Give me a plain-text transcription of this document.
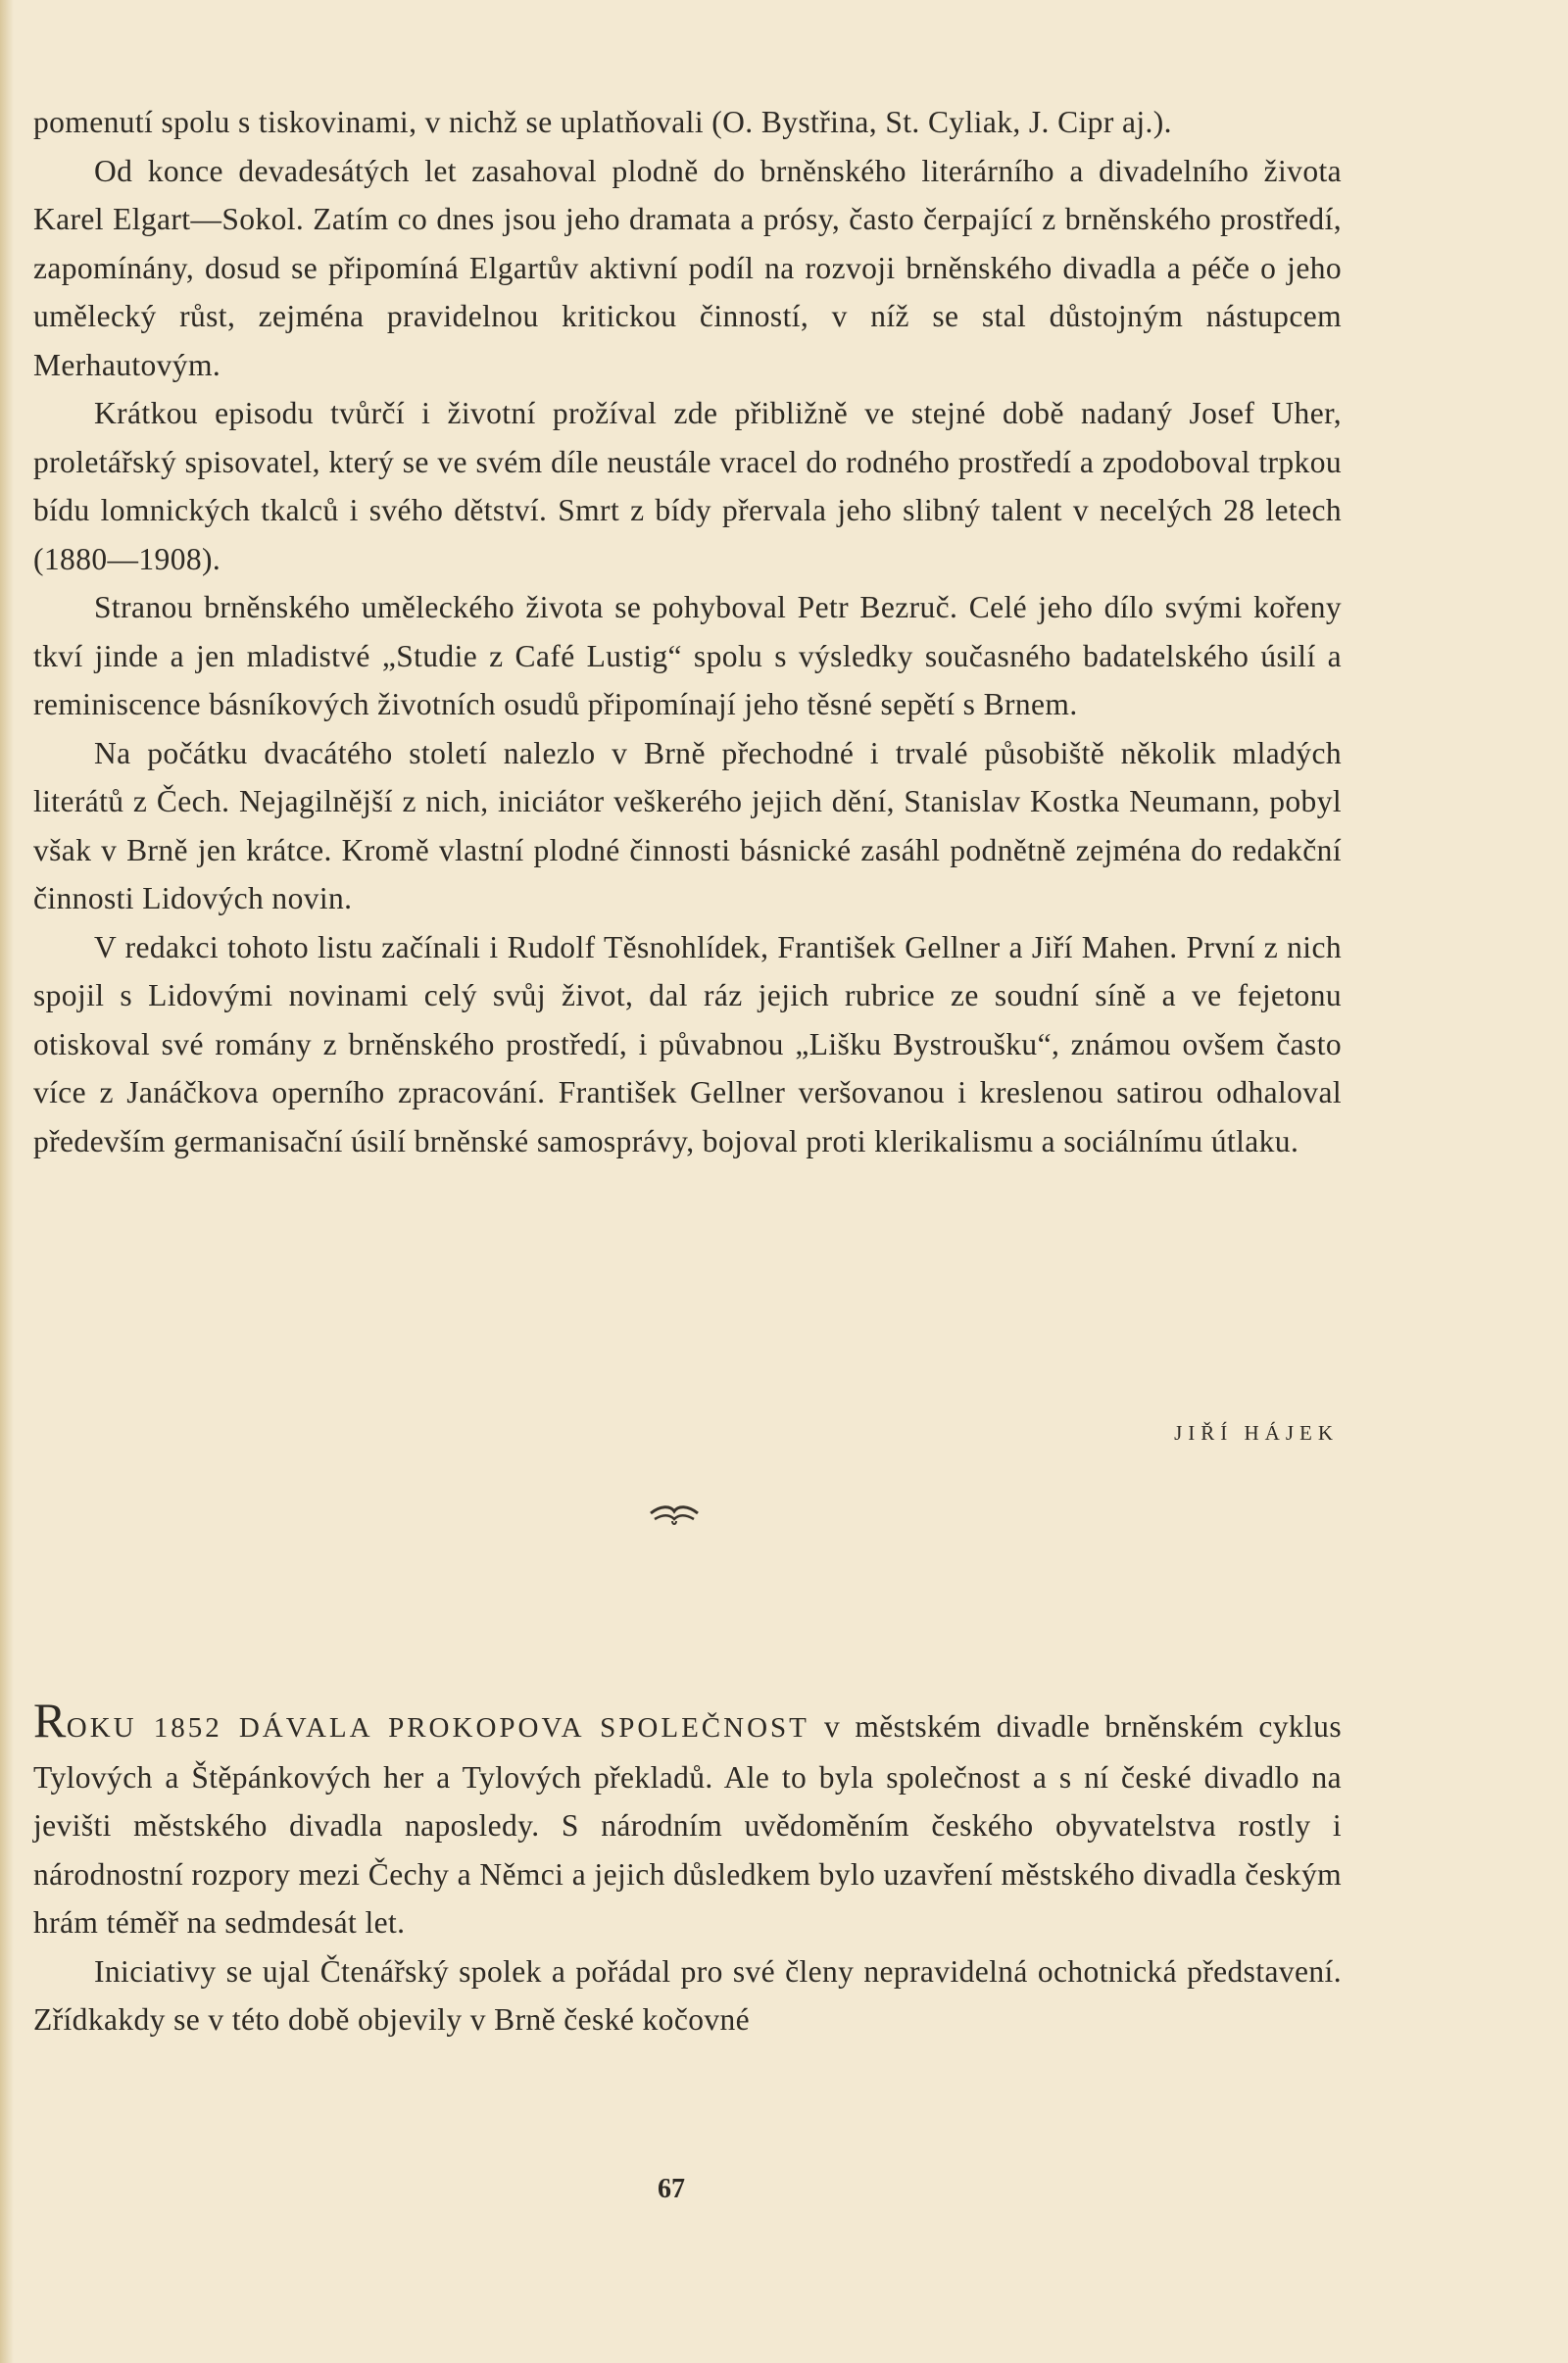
pomenutí spolu s tiskovinami, v nichž se uplatňovali (O. Bystřina, St. Cyliak, J. Cipr aj.).

Od konce devadesátých let zasahoval plodně do brněnského literárního a divadelního života Karel Elgart—Sokol. Zatím co dnes jsou jeho dramata a prósy, často čerpající z brněnského prostředí, zapomínány, dosud se připomíná Elgartův aktivní podíl na rozvoji brněnského divadla a péče o jeho umělecký růst, zejména pravidelnou kritickou činností, v níž se stal důstojným nástupcem Merhautovým.

Krátkou episodu tvůrčí i životní prožíval zde přibližně ve stejné době nadaný Josef Uher, proletářský spisovatel, který se ve svém díle neustále vracel do rodného prostředí a zpodoboval trpkou bídu lomnických tkalců i svého dětství. Smrt z bídy přervala jeho slibný talent v necelých 28 letech (1880—1908).

Stranou brněnského uměleckého života se pohyboval Petr Bezruč. Celé jeho dílo svými kořeny tkví jinde a jen mladistvé „Studie z Café Lustig“ spolu s výsledky současného badatelského úsilí a reminiscence básníkových životních osudů připomínají jeho těsné sepětí s Brnem.

Na počátku dvacátého století nalezlo v Brně přechodné i trvalé působiště několik mladých literátů z Čech. Nejagilnější z nich, iniciátor veškerého jejich dění, Stanislav Kostka Neumann, pobyl však v Brně jen krátce. Kromě vlastní plodné činnosti básnické zasáhl podnětně zejména do redakční činnosti Lidových novin.

V redakci tohoto listu začínali i Rudolf Těsnohlídek, František Gellner a Jiří Mahen. První z nich spojil s Lidovými novinami celý svůj život, dal ráz jejich rubrice ze soudní síně a ve fejetonu otiskoval své romány z brněnského prostředí, i půvabnou „Lišku Bystroušku“, známou ovšem často více z Janáčkova operního zpracování. František Gellner veršovanou i kreslenou satirou odhaloval především germanisační úsilí brněnské samosprávy, bojoval proti klerikalismu a sociálnímu útlaku.

JIŘÍ HÁJEK

ROKU 1852 DÁVALA PROKOPOVA SPOLEČNOST v městském divadle brněnském cyklus Tylových a Štěpánkových her a Tylových překladů. Ale to byla společnost a s ní české divadlo na jevišti městského divadla naposledy. S národním uvědoměním českého obyvatelstva rostly i národnostní rozpory mezi Čechy a Němci a jejich důsledkem bylo uzavření městského divadla českým hrám téměř na sedmdesát let.

Iniciativy se ujal Čtenářský spolek a pořádal pro své členy nepravidelná ochotnická představení. Zřídkakdy se v této době objevily v Brně české kočovné

67
